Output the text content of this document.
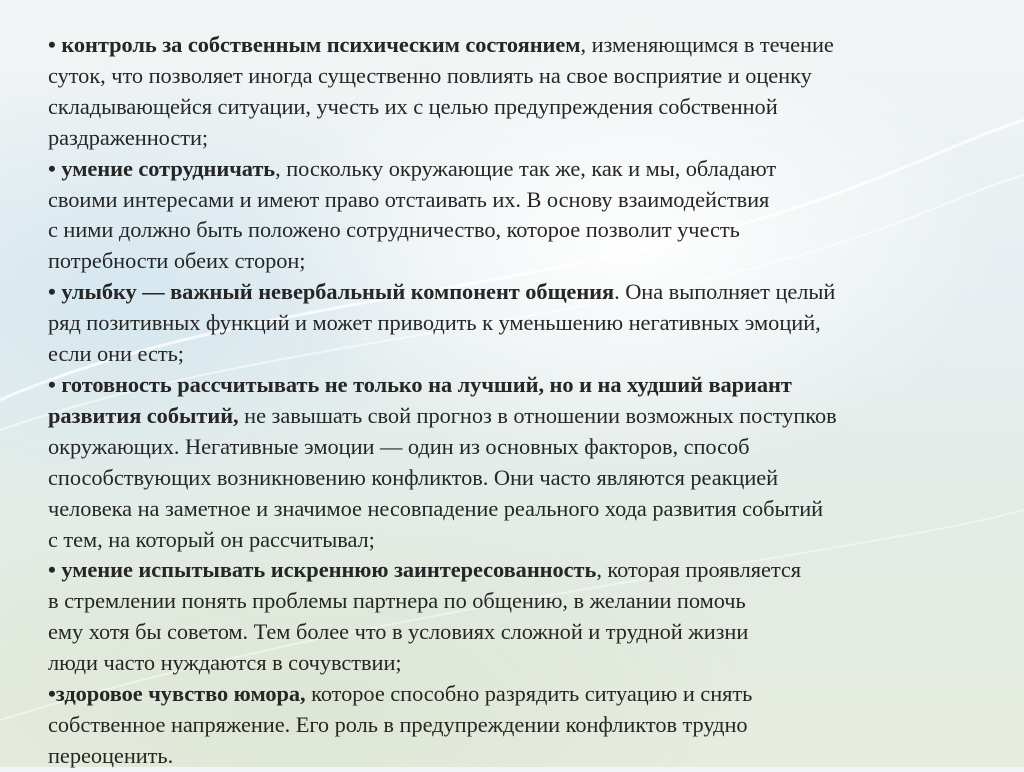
• контроль за собственным психическим состоянием, изменяющимся в течение
суток, что позволяет иногда существенно повлиять на свое восприятие и оценку
складывающейся ситуации, учесть их с целью предупреждения собственной
раздраженности;
• умение сотрудничать, поскольку окружающие так же, как и мы, обладают
своими интересами и имеют право отстаивать их. В основу взаимодействия
с ними должно быть положено сотрудничество, которое позволит учесть
потребности обеих сторон;
• улыбку — важный невербальный компонент общения. Она выполняет целый
ряд позитивных функций и может приводить к уменьшению негативных эмоций,
если они есть;
• готовность рассчитывать не только на лучший, но и на худший вариант
развития событий, не завышать свой прогноз в отношении возможных поступков
окружающих. Негативные эмоции — один из основных факторов, способ
способствующих возникновению конфликтов. Они часто являются реакцией
человека на заметное и значимое несовпадение реального хода развития событий
с тем, на который он рассчитывал;
• умение испытывать искреннюю заинтересованность, которая проявляется
в стремлении понять проблемы партнера по общению, в желании помочь
ему хотя бы советом. Тем более что в условиях сложной и трудной жизни
люди часто нуждаются в сочувствии;
•здоровое чувство юмора, которое способно разрядить ситуацию и снять
собственное напряжение. Его роль в предупреждении конфликтов трудно
переоценить.
